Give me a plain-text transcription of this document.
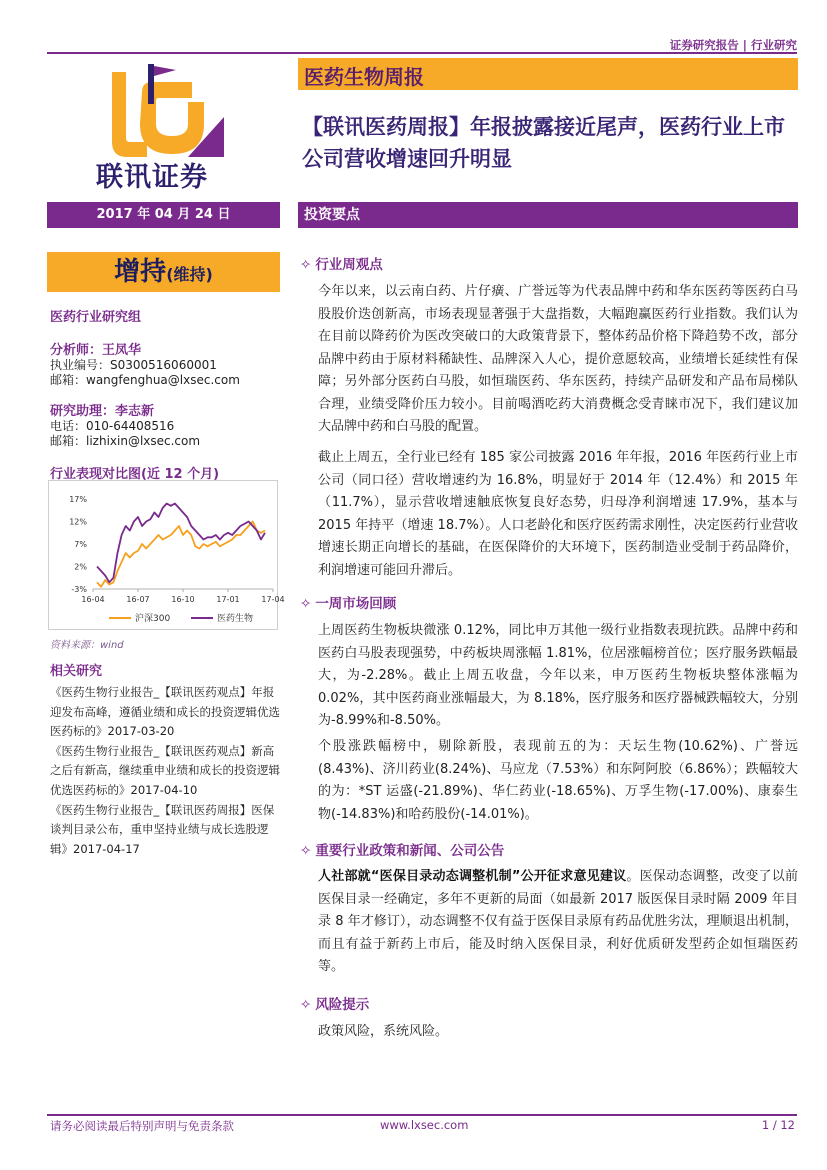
证券研究报告 | 行业研究
联讯证券
医药生物周报
【联讯医药周报】年报披露接近尾声，医药行业上市公司营收增速回升明显
2017 年 04 月 24 日	投资要点
增持(维持)
医药行业研究组
分析师：王凤华
执业编号：S0300516060001
邮箱：wangfenghua@lxsec.com
研究助理：李志新
电话：010-64408516
邮箱：lizhixin@lxsec.com
行业表现对比图(近 12 个月)
17%
12%
7%
2%
-3%
16-04	16-07	16-10	17-01	17-04
沪深300	医药生物
资料来源：wind
相关研究

《医药生物行业报告_【联讯医药观点】年报迎发布高峰，遵循业绩和成长的投资逻辑优选医药标的》2017-03-20

《医药生物行业报告_【联讯医药观点】新高之后有新高，继续重申业绩和成长的投资逻辑优选医药标的》2017-04-10

《医药生物行业报告_【联讯医药周报】医保谈判目录公布，重申坚持业绩与成长选股逻辑》2017-04-17

✧ 行业周观点
今年以来，以云南白药、片仔癀、广誉远等为代表品牌中药和华东医药等医药白马股股价迭创新高，市场表现显著强于大盘指数，大幅跑赢医药行业指数。我们认为在目前以降药价为医改突破口的大政策背景下，整体药品价格下降趋势不改，部分品牌中药由于原材料稀缺性、品牌深入人心，提价意愿较高，业绩增长延续性有保障；另外部分医药白马股，如恒瑞医药、华东医药，持续产品研发和产品布局梯队合理，业绩受降价压力较小。目前喝酒吃药大消费概念受青睐市况下，我们建议加大品牌中药和白马股的配置。
截止上周五，全行业已经有 185 家公司披露 2016 年年报，2016 年医药行业上市公司（同口径）营收增速约为 16.8%，明显好于 2014 年（12.4%）和 2015 年（11.7%），显示营收增速触底恢复良好态势，归母净利润增速 17.9%，基本与 2015 年持平（增速 18.7%）。人口老龄化和医疗医药需求刚性，决定医药行业营收增速长期正向增长的基础，在医保降价的大环境下，医药制造业受制于药品降价，利润增速可能回升滞后。
✧ 一周市场回顾
上周医药生物板块微涨 0.12%，同比申万其他一级行业指数表现抗跌。品牌中药和医药白马股表现强势，中药板块周涨幅 1.81%，位居涨幅榜首位；医疗服务跌幅最大，为-2.28%。截止上周五收盘，今年以来，申万医药生物板块整体涨幅为 0.02%，其中医药商业涨幅最大，为 8.18%，医疗服务和医疗器械跌幅较大，分别为-8.99%和-8.50%。
个股涨跌幅榜中，剔除新股，表现前五的为：天坛生物(10.62%)、广誉远(8.43%)、济川药业(8.24%)、马应龙（7.53%）和东阿阿胶（6.86%）；跌幅较大的为：*ST 运盛(-21.89%)、华仁药业(-18.65%)、万孚生物(-17.00%)、康泰生物(-14.83%)和哈药股份(-14.01%)。
✧ 重要行业政策和新闻、公司公告
人社部就“医保目录动态调整机制”公开征求意见建议。医保动态调整，改变了以前医保目录一经确定，多年不更新的局面（如最新 2017 版医保目录时隔 2009 年目录 8 年才修订），动态调整不仅有益于医保目录原有药品优胜劣汰，理顺退出机制，而且有益于新药上市后，能及时纳入医保目录，利好优质研发型药企如恒瑞医药等。
✧ 风险提示
政策风险，系统风险。
请务必阅读最后特别声明与免责条款	www.lxsec.com	1 / 12
